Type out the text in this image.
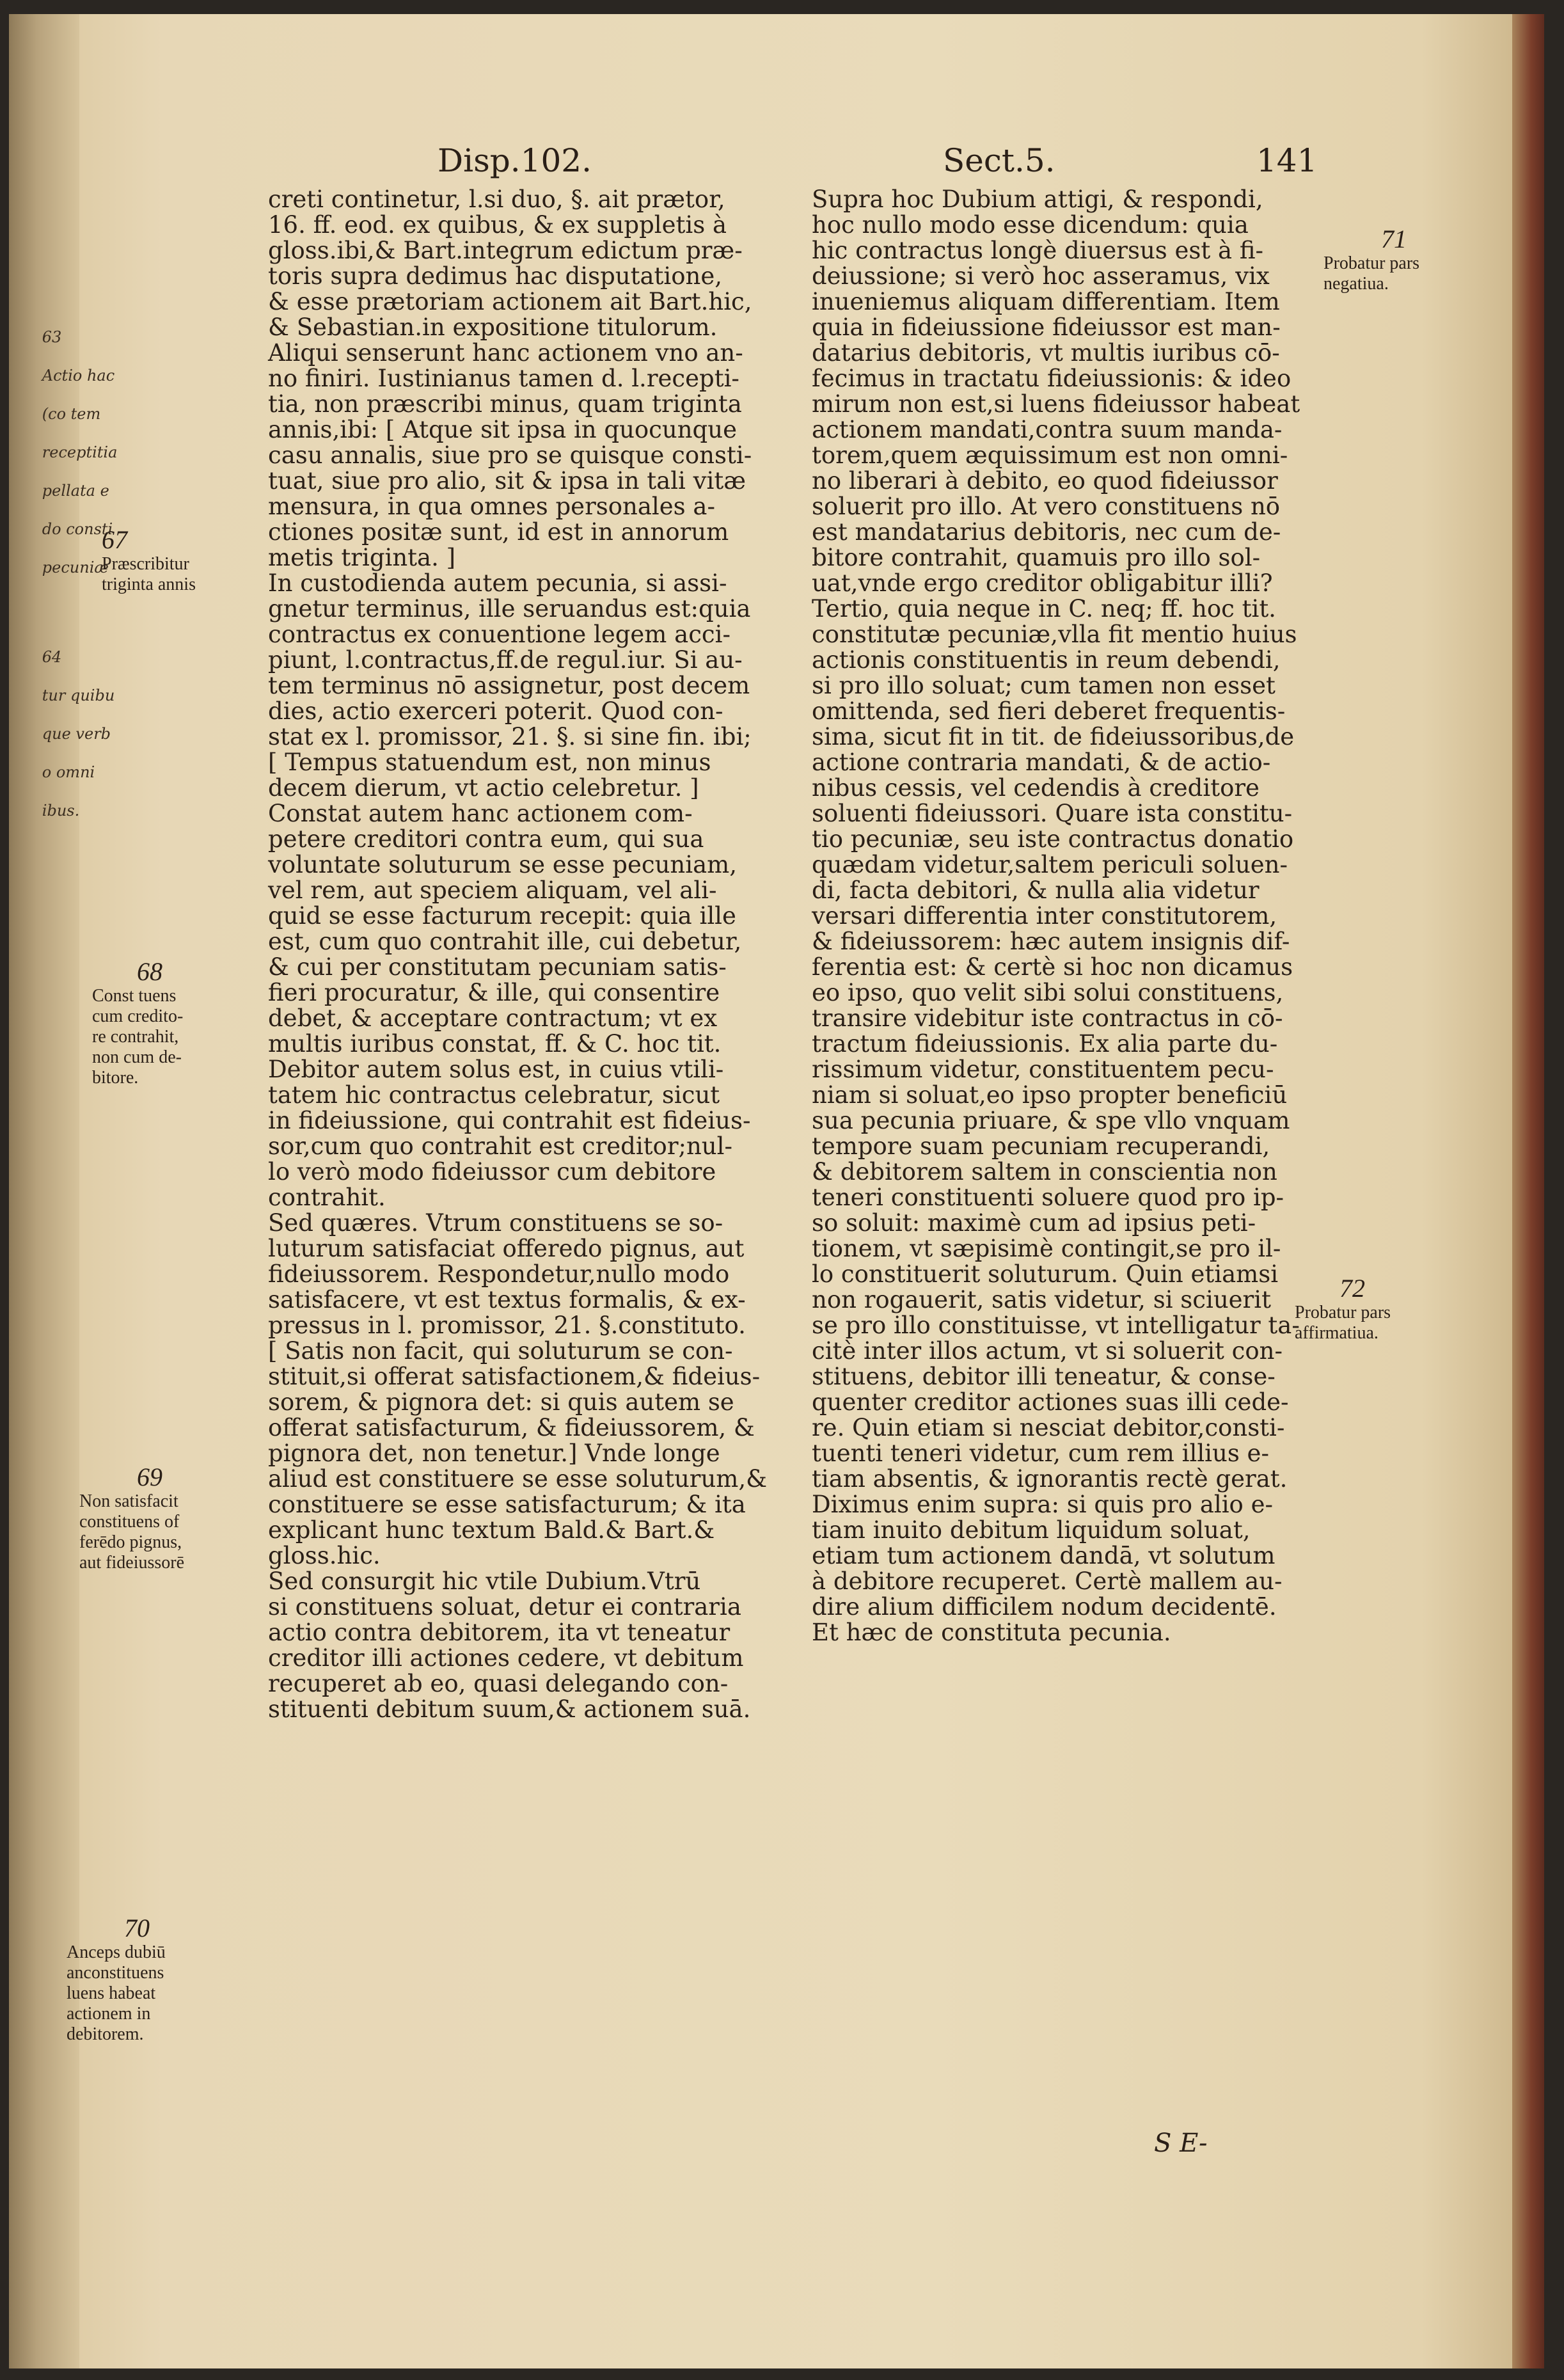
63

Actio hac

(co tem

receptitia

pellata e

do consti

pecuniæ

64

tur quibu

que verb

o omni

ibus.

Disp.102.	Sect.5.	141
creti continetur, l.si duo, §. ait prætor,
16. ff. eod. ex quibus, & ex suppletis à
gloss.ibi,& Bart.integrum edictum præ-
toris supra dedimus hac disputatione,
& esse prætoriam actionem ait Bart.hic,
& Sebastian.in expositione titulorum.
Aliqui senserunt hanc actionem vno an-
no finiri. Iustinianus tamen d. l.recepti-
tia, non præscribi minus, quam triginta
annis,ibi: [ Atque sit ipsa in quocunque
casu annalis, siue pro se quisque consti-
tuat, siue pro alio, sit & ipsa in tali vitæ
mensura, in qua omnes personales a-
ctiones positæ sunt, id est in annorum
metis triginta. ]
In custodienda autem pecunia, si assi-
gnetur terminus, ille seruandus est:quia
contractus ex conuentione legem acci-
piunt, l.contractus,ff.de regul.iur. Si au-
tem terminus nō assignetur, post decem
dies, actio exerceri poterit. Quod con-
stat ex l. promissor, 21. §. si sine fin. ibi;
[ Tempus statuendum est, non minus
decem dierum, vt actio celebretur. ]
Constat autem hanc actionem com-
petere creditori contra eum, qui sua
voluntate soluturum se esse pecuniam,
vel rem, aut speciem aliquam, vel ali-
quid se esse facturum recepit: quia ille
est, cum quo contrahit ille, cui debetur,
& cui per constitutam pecuniam satis-
fieri procuratur, & ille, qui consentire
debet, & acceptare contractum; vt ex
multis iuribus constat, ff. & C. hoc tit.
Debitor autem solus est, in cuius vtili-
tatem hic contractus celebratur, sicut
in fideiussione, qui contrahit est fideius-
sor,cum quo contrahit est creditor;nul-
lo verò modo fideiussor cum debitore
contrahit.
Sed quæres. Vtrum constituens se so-
luturum satisfaciat offeredo pignus, aut
fideiussorem. Respondetur,nullo modo
satisfacere, vt est textus formalis, & ex-
pressus in l. promissor, 21. §.constituto.
[ Satis non facit, qui soluturum se con-
stituit,si offerat satisfactionem,& fideius-
sorem, & pignora det: si quis autem se
offerat satisfacturum, & fideiussorem, &
pignora det, non tenetur.] Vnde longe
aliud est constituere se esse soluturum,&
constituere se esse satisfacturum; & ita
explicant hunc textum Bald.& Bart.&
gloss.hic.
Sed consurgit hic vtile Dubium.Vtrū
si constituens soluat, detur ei contraria
actio contra debitorem, ita vt teneatur
creditor illi actiones cedere, vt debitum
recuperet ab eo, quasi delegando con-
stituenti debitum suum,& actionem suā.
Supra hoc Dubium attigi, & respondi,
hoc nullo modo esse dicendum: quia
hic contractus longè diuersus est à fi-
deiussione; si verò hoc asseramus, vix
inueniemus aliquam differentiam. Item
quia in fideiussione fideiussor est man-
datarius debitoris, vt multis iuribus cō-
fecimus in tractatu fideiussionis: & ideo
mirum non est,si luens fideiussor habeat
actionem mandati,contra suum manda-
torem,quem æquissimum est non omni-
no liberari à debito, eo quod fideiussor
soluerit pro illo. At vero constituens nō
est mandatarius debitoris, nec cum de-
bitore contrahit, quamuis pro illo sol-
uat,vnde ergo creditor obligabitur illi?
Tertio, quia neque in C. neq; ff. hoc tit.
constitutæ pecuniæ,vlla fit mentio huius
actionis constituentis in reum debendi,
si pro illo soluat; cum tamen non esset
omittenda, sed fieri deberet frequentis-
sima, sicut fit in tit. de fideiussoribus,de
actione contraria mandati, & de actio-
nibus cessis, vel cedendis à creditore
soluenti fideiussori. Quare ista constitu-
tio pecuniæ, seu iste contractus donatio
quædam videtur,saltem periculi soluen-
di, facta debitori, & nulla alia videtur
versari differentia inter constitutorem,
& fideiussorem: hæc autem insignis dif-
ferentia est: & certè si hoc non dicamus
eo ipso, quo velit sibi solui constituens,
transire videbitur iste contractus in cō-
tractum fideiussionis. Ex alia parte du-
rissimum videtur, constituentem pecu-
niam si soluat,eo ipso propter beneficiū
sua pecunia priuare, & spe vllo vnquam
tempore suam pecuniam recuperandi,
& debitorem saltem in conscientia non
teneri constituenti soluere quod pro ip-
so soluit: maximè cum ad ipsius peti-
tionem, vt sæpisimè contingit,se pro il-
lo constituerit soluturum. Quin etiamsi
non rogauerit, satis videtur, si sciuerit
se pro illo constituisse, vt intelligatur ta-
citè inter illos actum, vt si soluerit con-
stituens, debitor illi teneatur, & conse-
quenter creditor actiones suas illi cede-
re. Quin etiam si nesciat debitor,consti-
tuenti teneri videtur, cum rem illius e-
tiam absentis, & ignorantis rectè gerat.
Diximus enim supra: si quis pro alio e-
tiam inuito debitum liquidum soluat,
etiam tum actionem dandā, vt solutum
à debitore recuperet. Certè mallem au-
dire alium difficilem nodum decidentē.
Et hæc de constituta pecunia.
67
Præscribitur
triginta annis
68
Const tuens
cum credito-
re contrahit,
non cum de-
bitore.
69
Non satisfacit
constituens of
ferēdo pignus,
aut fideiussorē
70
Anceps dubiū
anconstituens
luens habeat
actionem in
debitorem.
71
Probatur pars
negatiua.
72
Probatur pars
affirmatiua.
S E-
